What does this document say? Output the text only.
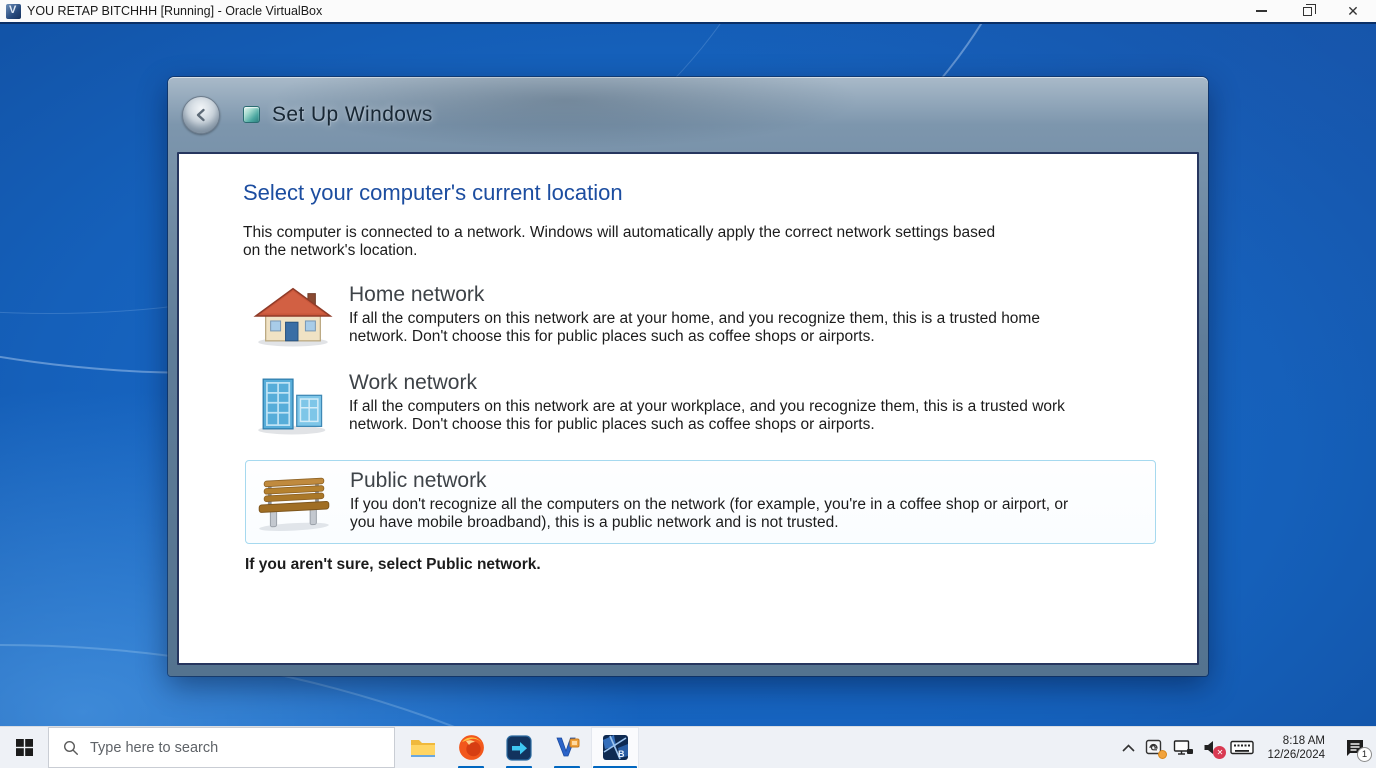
V
YOU RETAP BITCHHH [Running] - Oracle VirtualBox	✕
Set Up Windows
Select your computer's current location

This computer is connected to a network. Windows will automatically apply the correct network settings based on the network's location.

Home network
If all the computers on this network are at your home, and you recognize them, this is a trusted home network. Don't choose this for public places such as coffee shops or airports.
Work network
If all the computers on this network are at your workplace, and you recognize them, this is a trusted work network. Don't choose this for public places such as coffee shops or airports.
Public network
If you don't recognize all the computers on the network (for example, you're in a coffee shop or airport, or you have mobile broadband), this is a public network and is not trusted.

If you aren't sure, select Public network.

Type here to search
B	✕
8:18 AM
12/26/2024	1
